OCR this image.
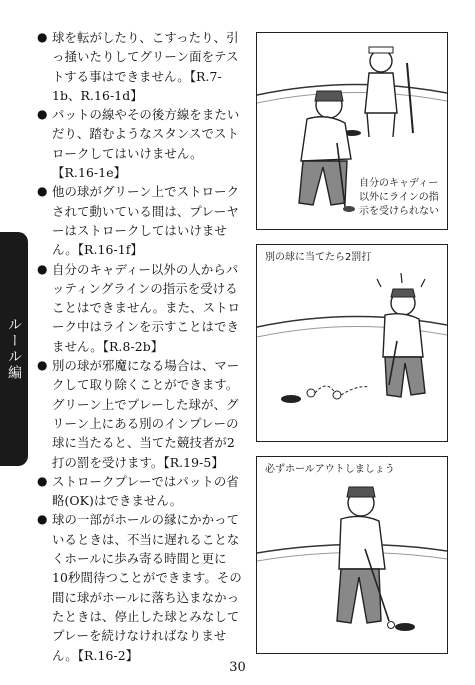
ルール編

● 球を転がしたり、こすったり、引っ掻いたりしてグリーン面をテストする事はできません。【R.7-1b、R.16-1d】

● パットの線やその後方線をまたいだり、踏むようなスタンスでストロークしてはいけません。【R.16-1e】

● 他の球がグリーン上でストロークされて動いている間は、プレーヤーはストロークしてはいけません。【R.16-1f】

● 自分のキャディー以外の人からパッティングラインの指示を受けることはできません。また、ストローク中はラインを示すことはできません。【R.8-2b】

● 別の球が邪魔になる場合は、マークして取り除くことができます。グリーン上でプレーした球が、グリーン上にある別のインプレーの球に当たると、当てた競技者が2打の罰を受けます。【R.19-5】

● ストロークプレーではパットの省略(OK)はできません。

● 球の一部がホールの縁にかかっているときは、不当に遅れることなくホールに歩み寄る時間と更に10秒間待つことができます。その間に球がホールに落ち込まなかったときは、停止した球とみなしてプレーを続けなければなりません。【R.16-2】

自分のキャディー以外にラインの指示を受けられない
別の球に当てたら2罰打
必ずホールアウトしましょう
30
